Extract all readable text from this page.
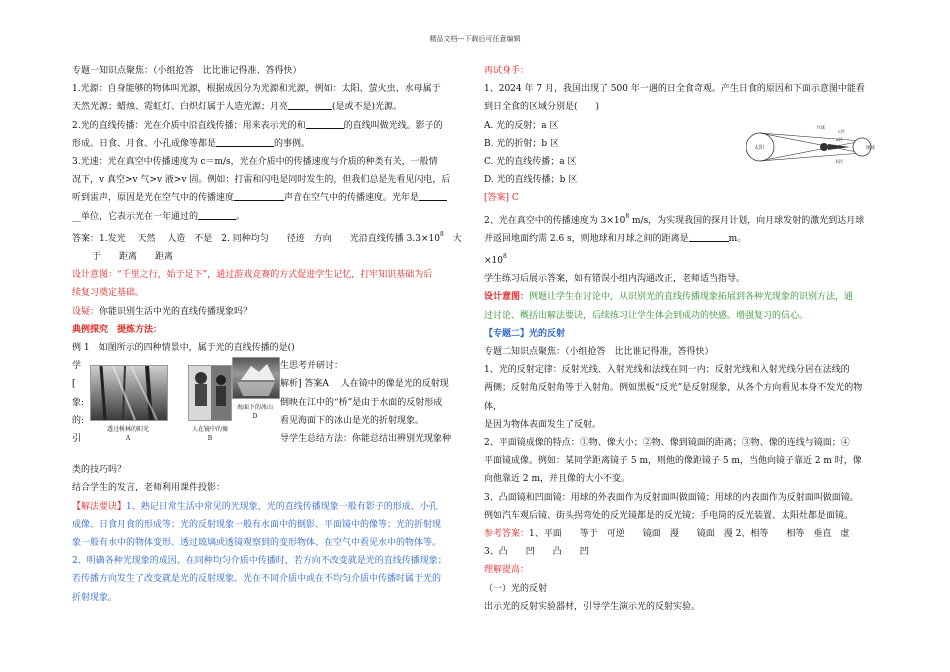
精品文档---下载后可任意编辑

专题一知识点聚焦：（小组抢答　比比谁记得准、答得快）

1.光源：自身能够的物体叫光源，根据成因分为光源和光源，例如：太阳、萤火虫、水母属于

天然光源；蜡烛、霓虹灯、白炽灯属于人造光源；月亮	(是或不是)光源。

2.光的直线传播：光在介质中沿直线传播；用来表示光的和	的直线叫做光线。影子的

形成、日食、月食、小孔成像等都是	的事例。

3.光速：光在真空中传播速度为 c＝m/s，光在介质中的传播速度与介质的种类有关，一般情

况下，v 真空>v 气>v 液>v 固。例如：打雷和闪电是同时发生的，但我们总是先看见闪电，后

听到雷声，原因是光在空气中的传播速度	声音在空气中的传播速度。光年是

__单位，它表示光在一年通过的	。

答案：1.发光　 天然　 人造　不是　2. 同种均匀　　径迹　方向　　光沿直线传播 $3.3\times 10^8$　大

于　　距离　　距离

设计意图：“千里之行，始于足下”，通过游戏竞赛的方式促进学生记忆，打牢知识基础为后

续复习奠定基础。

设疑：你能识别生活中光的直线传播现象吗？

典例探究　 提炼方法：

例 1　如图所示的四种情景中，属于光的直线传播的是()

学
[
象:
的:
引
透过树林的阳光
A
人在镜中的像
B
海面下的冰山
D
生思考并研讨：
解析] 答案A　 人在镜中的像是光的反射现
倒映在江中的“桥”是由于水面的反射形成
看见海面下的冰山是光的折射现象。
导学生总结方法：你能总结出辨别光现象种

类的技巧吗？

结合学生的发言，老师利用课件投影：

【解法要诀】1、熟记日常生活中常见的光现象，光的直线传播现象一般有影子的形成、小孔

成像、日食月食的形成等；光的反射现象一般有水面中的倒影、平面镜中的像等；光的折射现

象一般有水中的物体变形、透过玻璃或透镜观察到的变形物体、在空气中看见水中的物体等。

2、明确各种光现象的成因。在同种均匀介质中传播时，若方向不改变就是光的直线传播现象；

若传播方向发生了改变就是光的反射现象。光在不同介质中或在不均匀介质中传播时属于光的

折射现象。

再试身手：

1、2024 年 7 月，我国出现了 500 年一遇的日全食奇观。产生日食的原因和下面示意图中能看

到日全食的区域分别是(　　)

A. 光的反射；a 区

B. 光的折射；b 区

C. 光的直线传播；a 区

D. 光的直线传播；b 区

太阳
月球
地球
c区
a区
b区

[答案] C

2、光在真空中的传播速度为 $3\times 10^8$ m/s，为实现我国的探月计划，向月球发射的激光到达月球

并返回地面约需 2.6 s，则地球和月球之间的距离是	m。

$\times 10^8$

学生练习后展示答案，如有错误小组内沟通改正，老师适当指导。

设计意图：例题让学生在讨论中，从识别光的直线传播现象拓展到各种光现象的识别方法，通

过讨论、概括出解法要诀，后续练习让学生体会到成功的快感。增强复习的信心。

【专题二】光的反射

专题二知识点聚焦：（小组抢答　比比谁记得准，答得快）

1、光的反射定律：反射光线、入射光线和法线在同一内；反射光线和入射光线分居在法线的

两侧；反射角反射角等于入射角。例如黑板“反光”是反射现象，从各个方向看见本身不发光的物体，

是因为物体表面发生了反射。

2、平面镜成像的特点：①物、像大小；②物、像到镜面的距离；③物、像的连线与镜面；④

平面镜成像。例如：某同学距离镜子 5 m，则他的像距镜子 5 m，当他向镜子靠近 2 m 时，像

向他靠近 2 m，并且像的大小不变。

3、凸面镜和凹面镜：用球的外表面作为反射面叫做面镜；用球的内表面作为反射面叫做面镜。

例如汽车观后镜、街头拐弯处的反光镜都是的反光镜；手电筒的反光装置、太阳灶都是面镜。

参考答案：1、平面　　等于　可逆　　镜面　漫　　镜面　漫 2、相等　　相等　垂直　虚

3、凸　　凹　　凸　　凹

理解提高：

（一）光的反射

出示光的反射实验器材，引导学生演示光的反射实验。
